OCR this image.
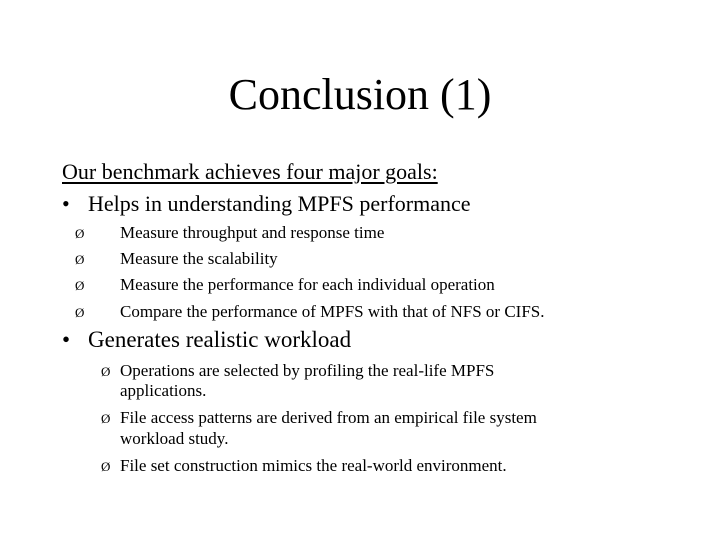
Conclusion (1)
Our benchmark achieves four major goals:
• Helps in understanding MPFS performance
Ø Measure throughput and response time
Ø Measure the scalability
Ø Measure the performance for each individual operation
Ø Compare the performance of MPFS with that of NFS or CIFS.
• Generates realistic workload
Ø Operations are selected by profiling the real-life MPFS
applications.
Ø File access patterns are derived from an empirical file system
workload study.
Ø File set construction mimics the real-world environment.
